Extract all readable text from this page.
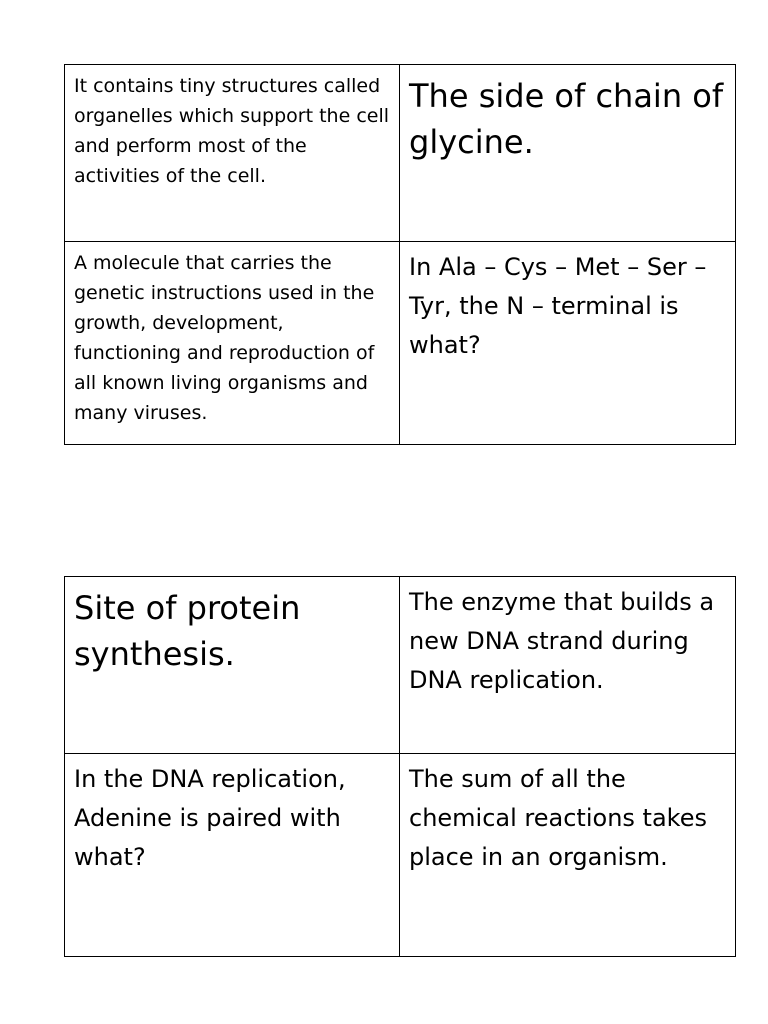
It contains tiny structures called organelles which support the cell and perform most of the activities of the cell.	The side of chain of glycine.

A molecule that carries the genetic instructions used in the growth, development, functioning and reproduction of all known living organisms and many viruses.	In Ala – Cys – Met – Ser – Tyr, the N – terminal is what?
Site of protein synthesis.	The enzyme that builds a new DNA strand during DNA replication.

In the DNA replication, Adenine is paired with what?	The sum of all the chemical reactions takes place in an organism.
